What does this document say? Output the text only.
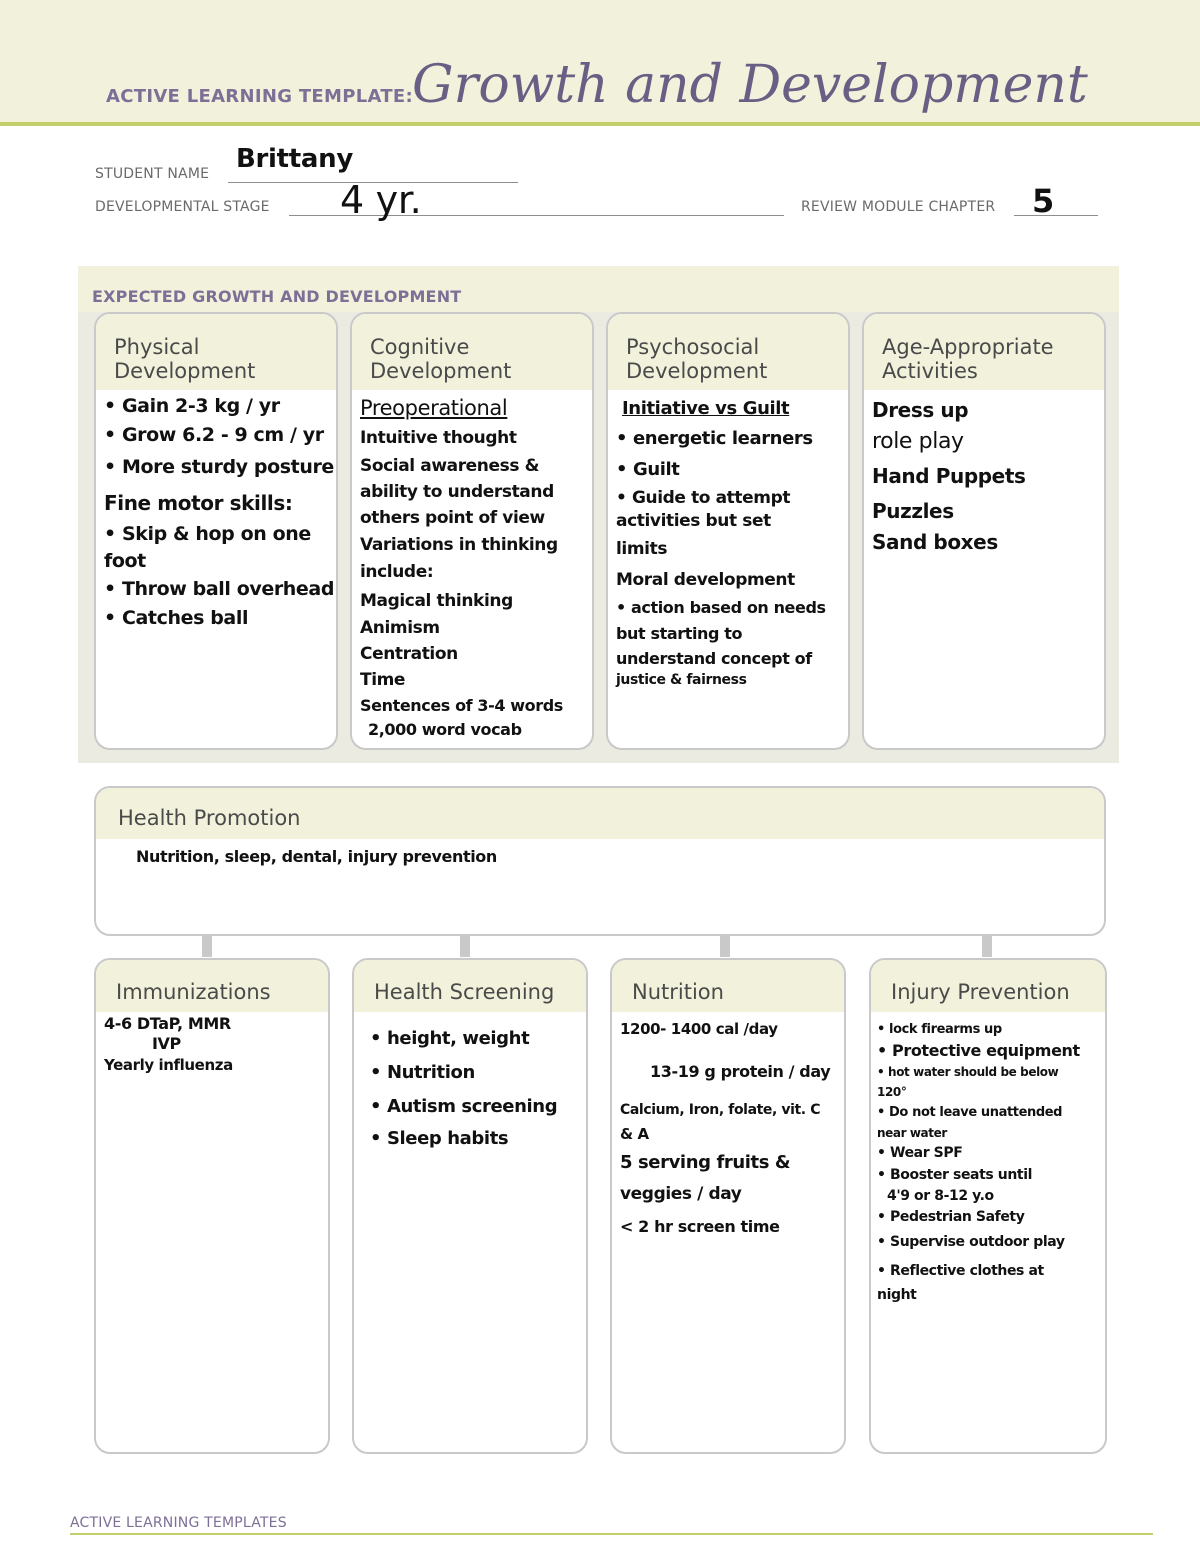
ACTIVE LEARNING TEMPLATE: Growth and Development
STUDENT NAME Brittany
DEVELOPMENTAL STAGE 4 yr.	REVIEW MODULE CHAPTER 5
EXPECTED GROWTH AND DEVELOPMENT
Physical
Development
• Gain 2-3 kg / yr
• Grow 6.2 - 9 cm / yr
• More sturdy posture
Fine motor skills:
• Skip & hop on one
foot
• Throw ball overhead
• Catches ball
Cognitive
Development
Preoperational
Intuitive thought
Social awareness &
ability to understand
others point of view
Variations in thinking
include:
Magical thinking
Animism
Centration
Time
Sentences of 3-4 words
2,000 word vocab
Psychosocial
Development
Initiative vs Guilt
• energetic learners
• Guilt
• Guide to attempt
activities but set
limits
Moral development
• action based on needs
but starting to
understand concept of
justice & fairness
Age-Appropriate
Activities
Dress up
role play
Hand Puppets
Puzzles
Sand boxes
Health Promotion
Nutrition, sleep, dental, injury prevention
Immunizations
4-6 DTaP, MMR
IVP
Yearly influenza
Health Screening
• height, weight
• Nutrition
• Autism screening
• Sleep habits
Nutrition
1200- 1400 cal /day
13-19 g protein / day
Calcium, Iron, folate, vit. C
& A
5 serving fruits &
veggies / day
< 2 hr screen time
Injury Prevention
• lock firearms up
• Protective equipment
• hot water should be below
120°
• Do not leave unattended
near water
• Wear SPF
• Booster seats until
4'9 or 8-12 y.o
• Pedestrian Safety
• Supervise outdoor play
• Reflective clothes at
night
ACTIVE LEARNING TEMPLATES
